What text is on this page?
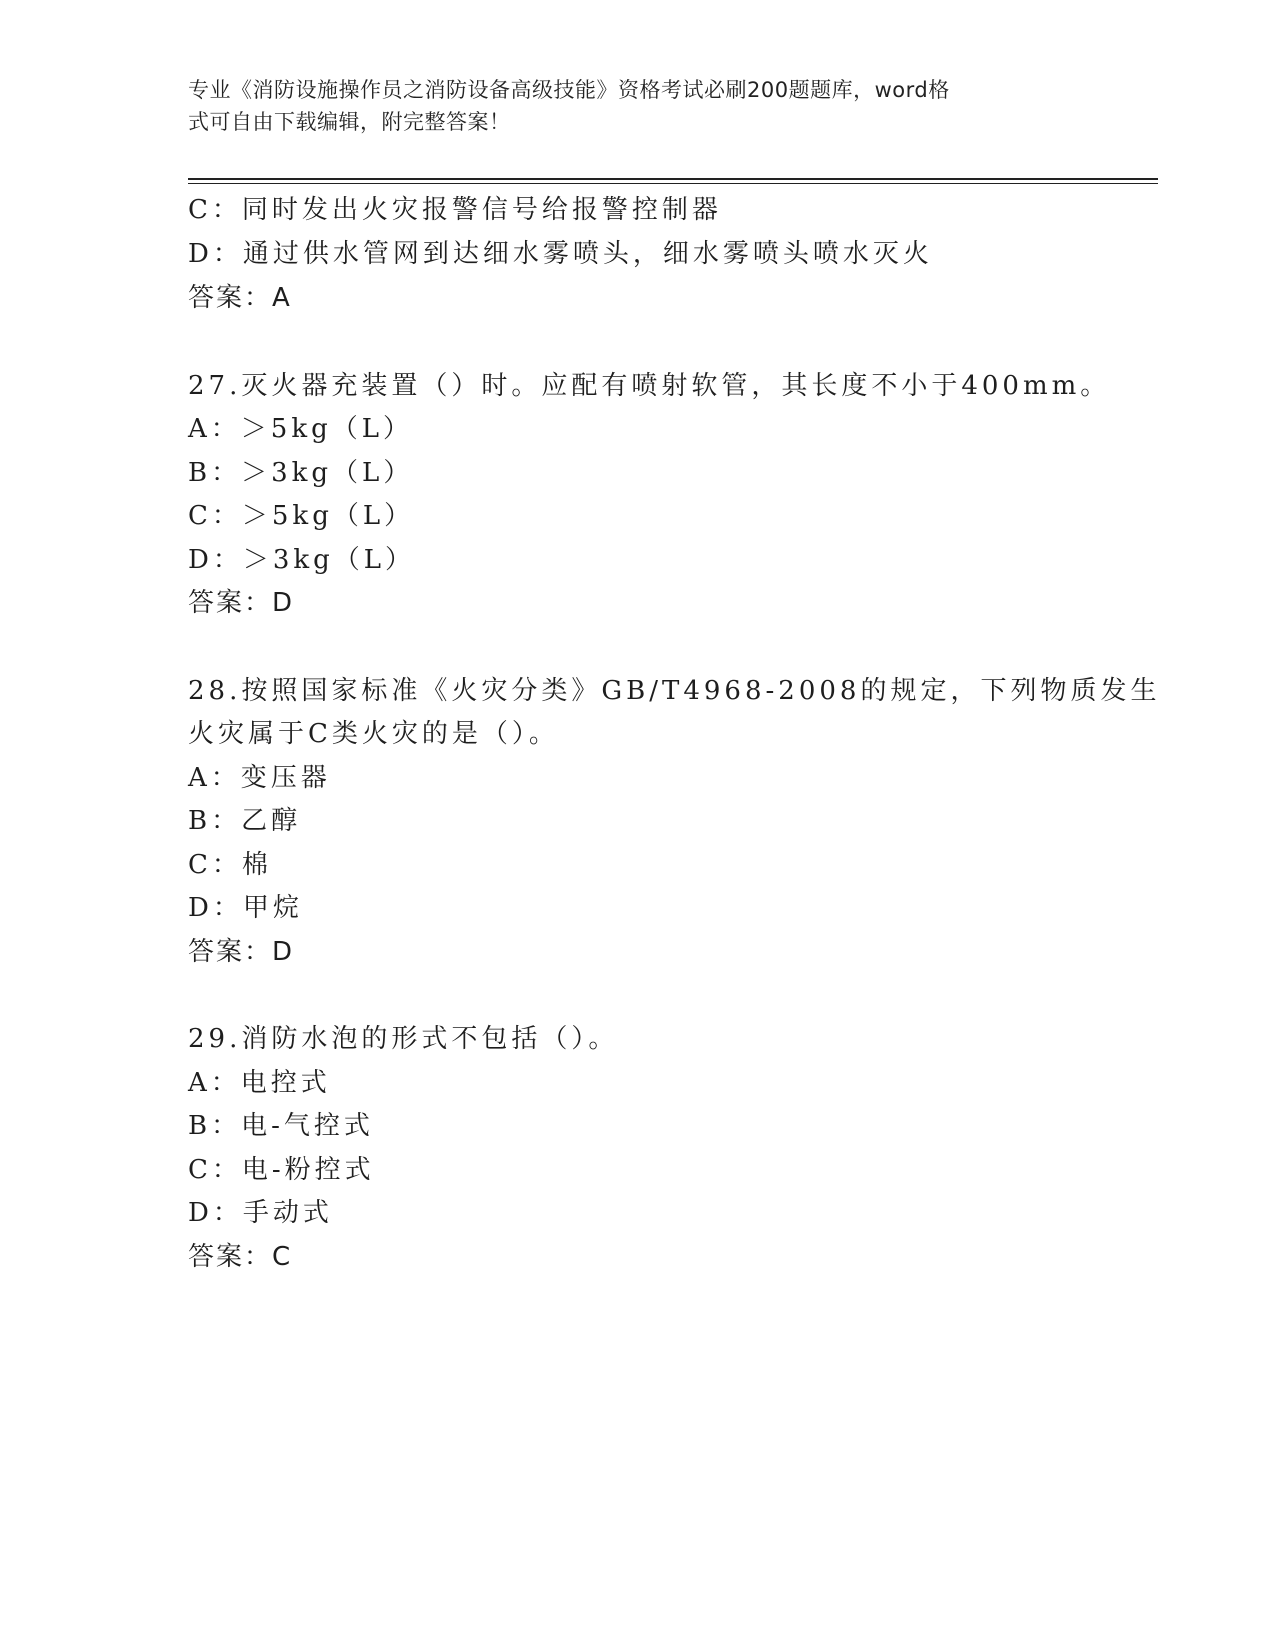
专业《消防设施操作员之消防设备高级技能》资格考试必刷200题题库，word格
式可自由下载编辑，附完整答案！
C：同时发出火灾报警信号给报警控制器
D：通过供水管网到达细水雾喷头，细水雾喷头喷水灭火
答案：A
27.灭火器充装置（）时。应配有喷射软管，其长度不小于400mm。
A：＞5kg（L）
B：＞3kg（L）
C：＞5kg（L）
D：＞3kg（L）
答案：D
28.按照国家标准《火灾分类》GB/T4968-2008的规定，下列物质发生
火灾属于C类火灾的是（）。
A：变压器
B：乙醇
C：棉
D：甲烷
答案：D
29.消防水泡的形式不包括（）。
A：电控式
B：电-气控式
C：电-粉控式
D：手动式
答案：C
